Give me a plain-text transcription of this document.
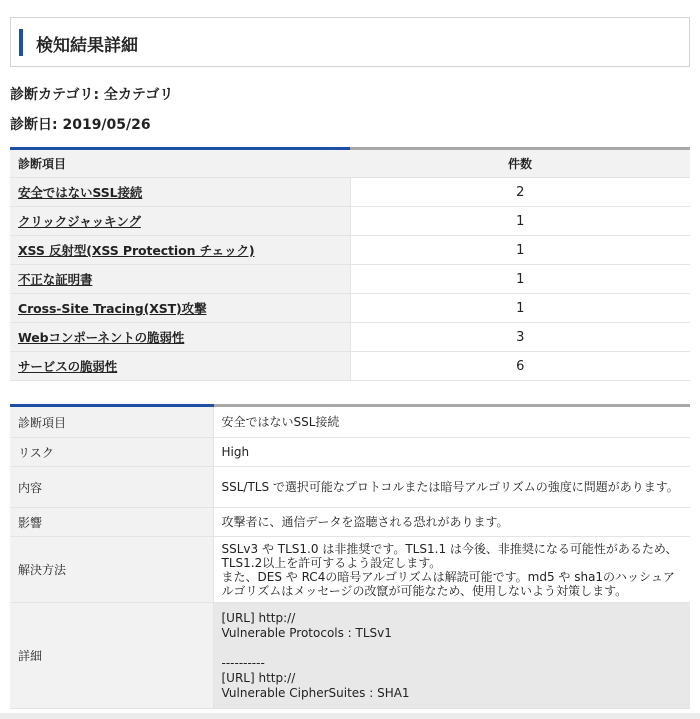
検知結果詳細
診断カテゴリ: 全カテゴリ
診断日: 2019/05/26
診断項目	件数
安全ではないSSL接続	2
クリックジャッキング	1
XSS 反射型(XSS Protection チェック)	1
不正な証明書	1
Cross-Site Tracing(XST)攻撃	1
Webコンポーネントの脆弱性	3
サービスの脆弱性	6
診断項目	安全ではないSSL接続
リスク	High
内容	SSL/TLS で選択可能なプロトコルまたは暗号アルゴリズムの強度に問題があります。
影響	攻撃者に、通信データを盗聴される恐れがあります。
解決方法	SSLv3 や TLS1.0 は非推奨です。TLS1.1 は今後、非推奨になる可能性があるため、TLS1.2以上を許可するよう設定します。
また、DES や RC4の暗号アルゴリズムは解読可能です。md5 や sha1のハッシュアルゴリズムはメッセージの改竄が可能なため、使用しないよう対策します。

詳細	[URL] http://
Vulnerable Protocols : TLSv1
----------
[URL] http://
Vulnerable CipherSuites : SHA1
